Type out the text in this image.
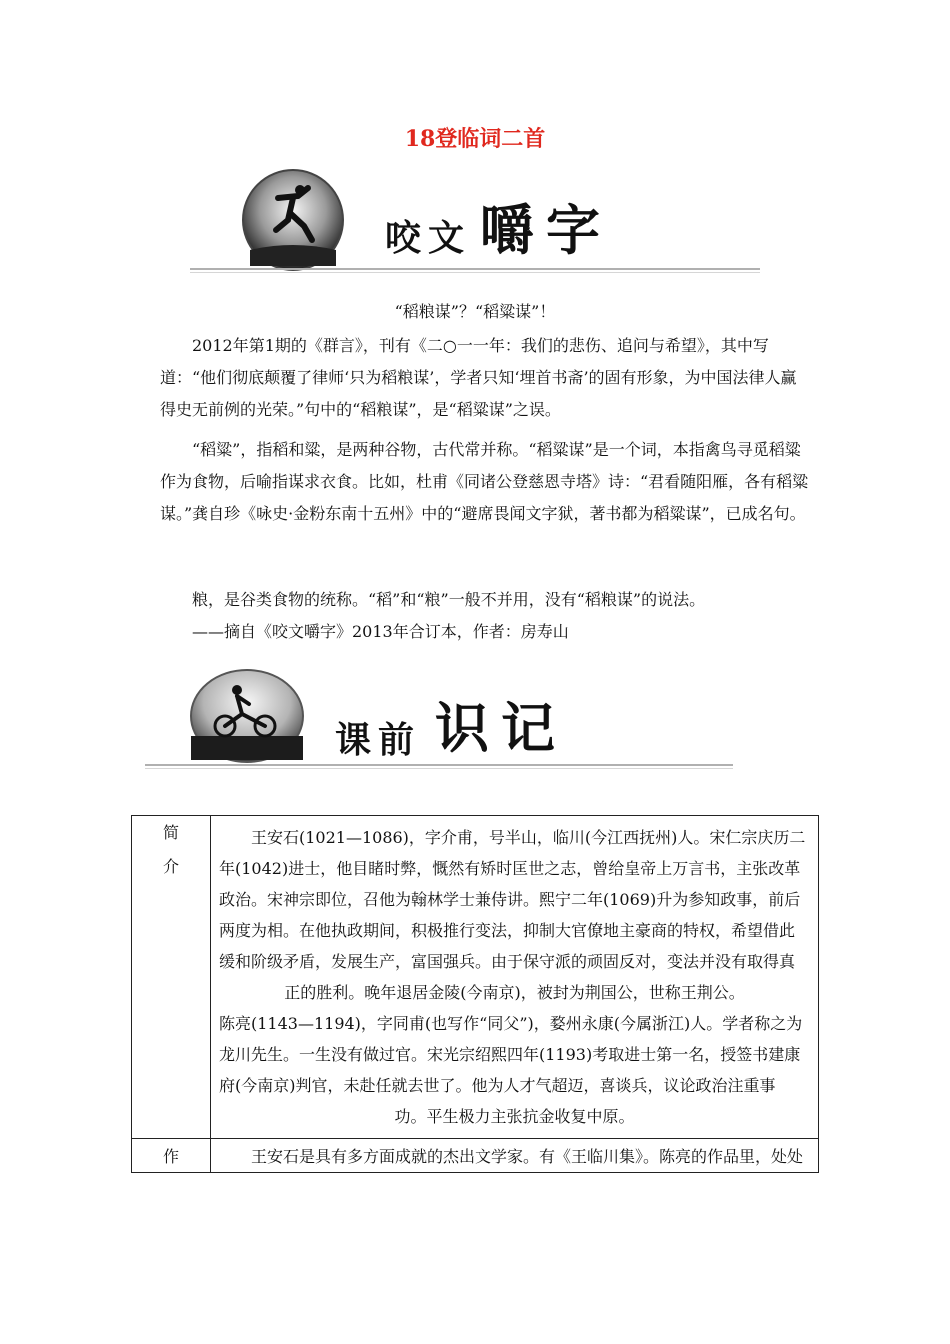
18登临词二首
咬 文 嚼 字
“稻粮谋”？“稻粱谋”！

2012年第1期的《群言》，刊有《二○一一年：我们的悲伤、追问与希望》，其中写道：“他们彻底颠覆了律师‘只为稻粮谋’，学者只知‘埋首书斋’的固有形象，为中国法律人赢得史无前例的光荣。”句中的“稻粮谋”，是“稻粱谋”之误。

“稻粱”，指稻和粱，是两种谷物，古代常并称。“稻粱谋”是一个词，本指禽鸟寻觅稻粱作为食物，后喻指谋求衣食。比如，杜甫《同诸公登慈恩寺塔》诗：“君看随阳雁，各有稻粱谋。”龚自珍《咏史·金粉东南十五州》中的“避席畏闻文字狱，著书都为稻粱谋”，已成名句。

粮，是谷类食物的统称。“稻”和“粮”一般不并用，没有“稻粮谋”的说法。

——摘自《咬文嚼字》2013年合订本，作者：房寿山

课 前 识 记
简介	王安石(1021—1086)，字介甫，号半山，临川(今江西抚州)人。宋仁宗庆历二年(1042)进士，他目睹时弊，慨然有矫时匡世之志，曾给皇帝上万言书，主张改革政治。宋神宗即位，召他为翰林学士兼侍讲。熙宁二年(1069)升为参知政事，前后两度为相。在他执政期间，积极推行变法，抑制大官僚地主豪商的特权，希望借此缓和阶级矛盾，发展生产，富国强兵。由于保守派的顽固反对，变法并没有取得真

正的胜利。晚年退居金陵(今南京)，被封为荆国公，世称王荆公。

陈亮(1143—1194)，字同甫(也写作“同父”)，婺州永康(今属浙江)人。学者称之为龙川先生。一生没有做过官。宋光宗绍熙四年(1193)考取进士第一名，授签书建康府(今南京)判官，未赴任就去世了。他为人才气超迈，喜谈兵，议论政治注重事

功。平生极力主张抗金收复中原。

作	王安石是具有多方面成就的杰出文学家。有《王临川集》。陈亮的作品里，处处
